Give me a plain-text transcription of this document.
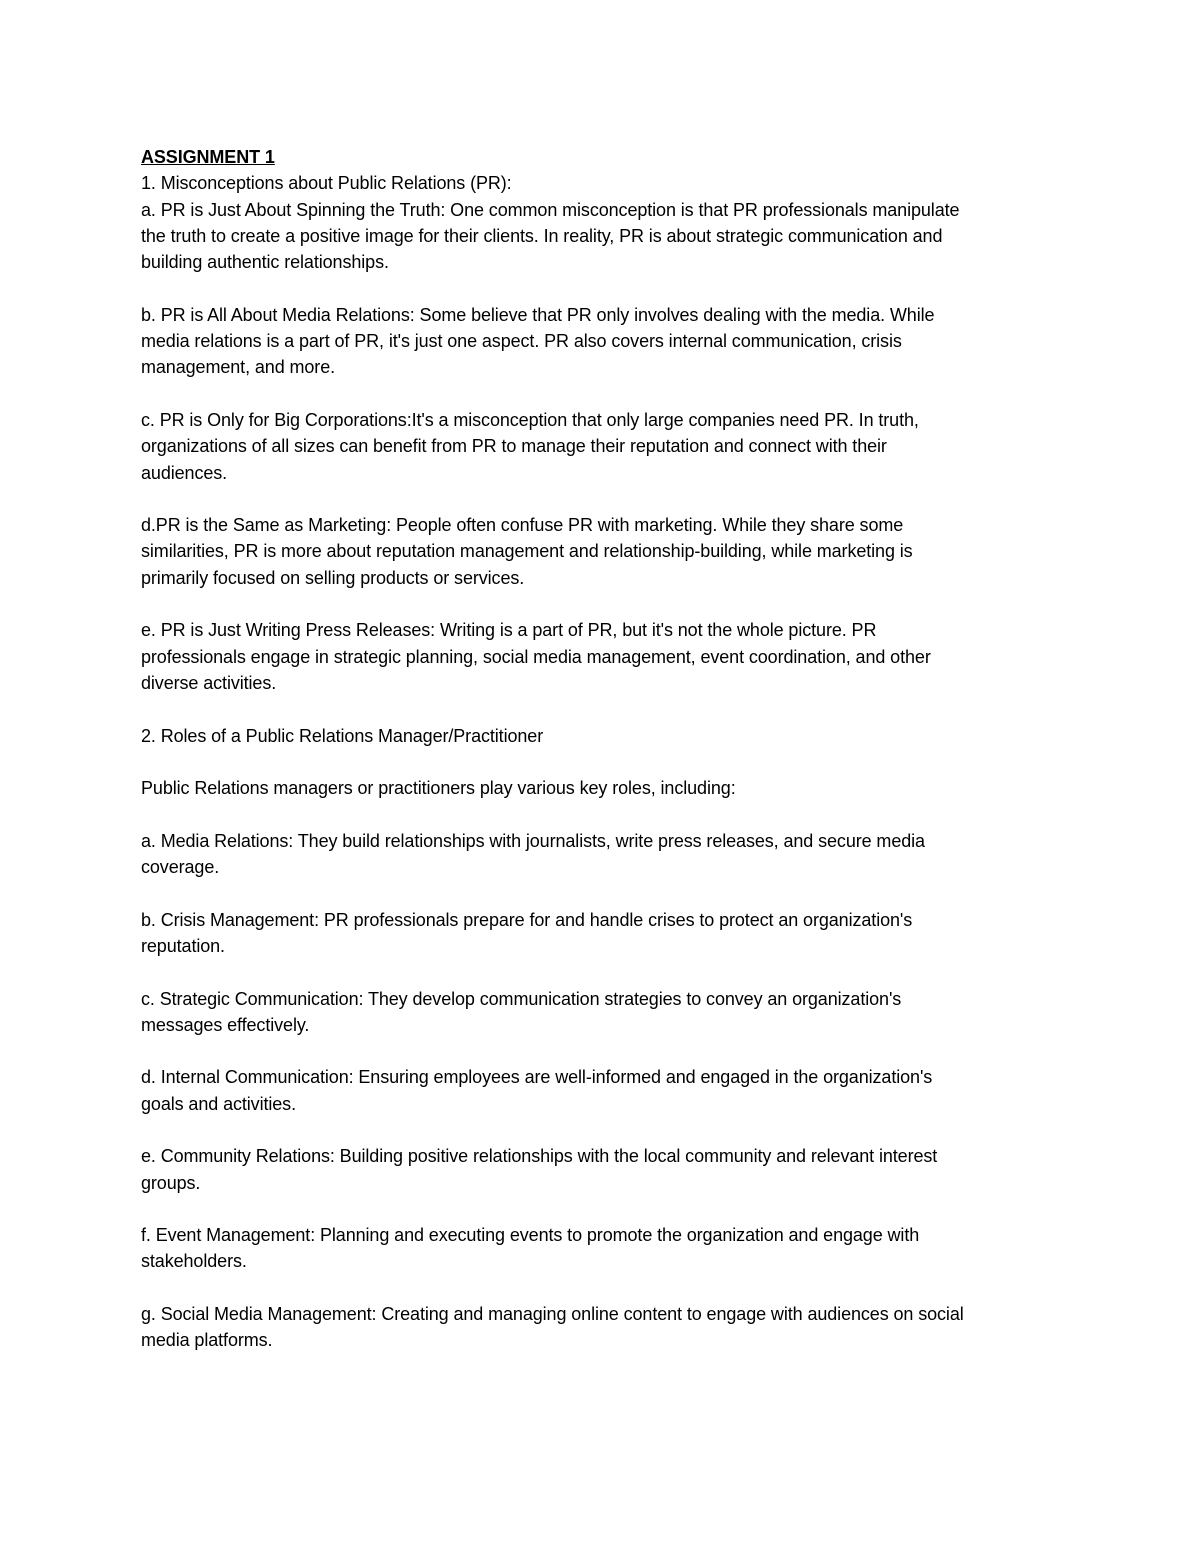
ASSIGNMENT 1
1. Misconceptions about Public Relations (PR):
a. PR is Just About Spinning the Truth: One common misconception is that PR professionals manipulate
the truth to create a positive image for their clients. In reality, PR is about strategic communication and
building authentic relationships.
b. PR is All About Media Relations: Some believe that PR only involves dealing with the media. While
media relations is a part of PR, it's just one aspect. PR also covers internal communication, crisis
management, and more.
c. PR is Only for Big Corporations:It's a misconception that only large companies need PR. In truth,
organizations of all sizes can benefit from PR to manage their reputation and connect with their
audiences.
d.PR is the Same as Marketing: People often confuse PR with marketing. While they share some
similarities, PR is more about reputation management and relationship-building, while marketing is
primarily focused on selling products or services.
e. PR is Just Writing Press Releases: Writing is a part of PR, but it's not the whole picture. PR
professionals engage in strategic planning, social media management, event coordination, and other
diverse activities.
2. Roles of a Public Relations Manager/Practitioner
Public Relations managers or practitioners play various key roles, including:
a. Media Relations: They build relationships with journalists, write press releases, and secure media
coverage.
b. Crisis Management: PR professionals prepare for and handle crises to protect an organization's
reputation.
c. Strategic Communication: They develop communication strategies to convey an organization's
messages effectively.
d. Internal Communication: Ensuring employees are well-informed and engaged in the organization's
goals and activities.
e. Community Relations: Building positive relationships with the local community and relevant interest
groups.
f. Event Management: Planning and executing events to promote the organization and engage with
stakeholders.
g. Social Media Management: Creating and managing online content to engage with audiences on social
media platforms.
